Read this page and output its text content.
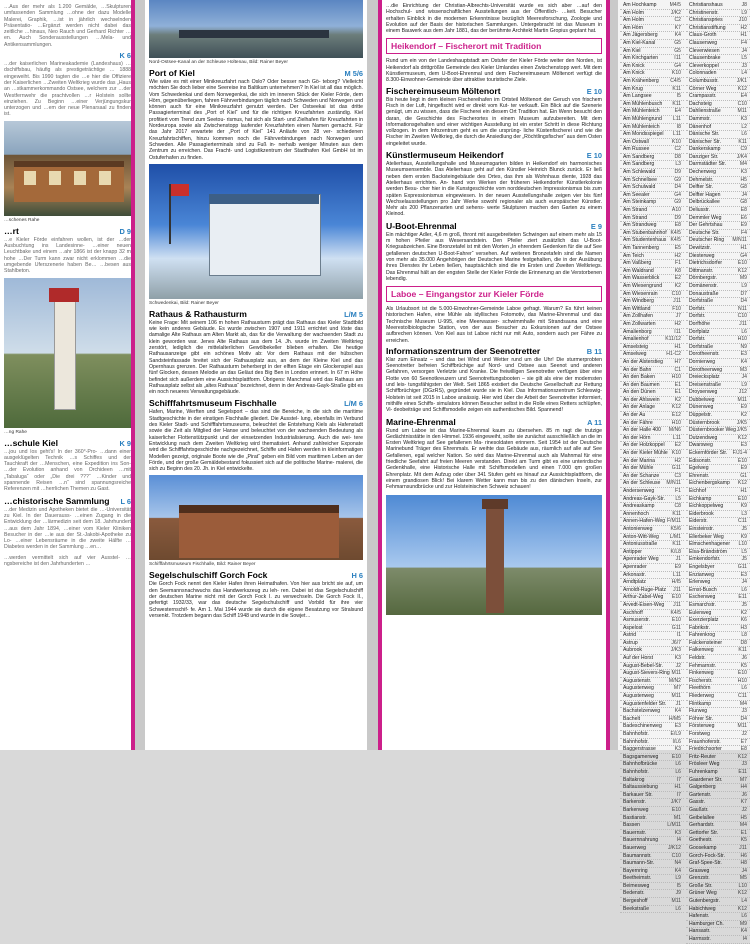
…Aus der mehr als 1.200 Gemälde, …Skulpturen umfassenden Sammlung …ohne der dazu Modelle Malerei, Graphik, …ist in jährlich wechselnden Präsentatio- …Ergänzt werden nicht dabei das zeitliche …hinaus, Neo Rauch und Gerhard Richter …en. Auch Sonderausstellungen …Mela- und Antikensammlungen.

K 6

…der kaiserlichen Marineakademie (Landeshaus) …dschiffsbau, häufig als prestigeträchtige … 1888 eingeweiht. Bis 1990 tagten die …e hier die Offiziere der Kaiserlichen …Zweiten Weltkrieg wurde das „Haus an …stkammerkommando Ostsee, welchem zur …der Westfernwehr die prachtvollen …r Holstein sollte einziehen. Zu Beginn …einer Verjüngungskur unterzogen und …em der neue Plenarsaal zu finden ist.

…schenes Rahe
…rt	D 9

…e Kieler Förde einfahren wollen, ist der …der Ausbuchtung ins Landesinne- …einer neuen Leuchtbake und einem …ahr 1866 ist der knapp 32 m hohe …Der Turm kann zwar nicht erklommen …die umgebende Uferszenerie haben Be… …besen aus Stahlbeton.

…ng Rahe
…schule Kiel	K 9

…jou und los geht's! In der 360°-Pro- …dann einer ausgeklügelten Technik …s Schiffes und der Tauchkraft der …Menschen, eine Expedition ins Son- …der Evolution anhand von Orchideen …mit „Tabaluga“ oder „Die drei ???“ …Kinder und spannende Reisen …n“ sind spannungsreiche Referenzen mit …herrlichen Themen zu Gast.

…chistorische Sammlung L 6

…der Medizin und Apotheken bietet die …-Universität zu Kiel. In der Dauerauss- …einen Zugang in die Entwicklung der …lärmedizin seit dem 18. Jahrhundert …aus dem Jahr 1894, …einer vom Kieler Kliniken Besucher in der …ie aus der St.-Jakobi-Apotheke zu Lo- …einer Lebensräume in die zweite Hälfte …Diabetes werden in der Sammlung …en…

…werden vermittelt sich auf vier Ausstel- …ngsbereiche ist den Jahrhunderten …

Nord-Ostsee-Kanal an der Schleuse Holtenau, Bild: Rainer Beyer
Port of Kiel	M 5/6

Wie wäre es mit einer Minikreuzfahrt nach Oslo? Oder besser nach Gö- teborg? Vielleicht möchten Sie doch lieber eine Seereise ins Baltikum unternehmen? In Kiel ist all das möglich. Vom Schwedenkai und dem Norwegenkai, die sich im inneren Stück der Kieler Förde, dem Hörn, gegenüberliegen, fahren Fährverbindungen täglich nach Schweden und Norwegen und können auch für eine Minikreuzfahrt genutzt werden. Der Ostseekai ist das dritte Passagierterminal des „Port of Kiel“ und für die richtigen Kreuzfahrten zuständig. Kiel profitiert vom Trend zum Seetou- rismus, hat sich als Start- und Zielhafen für Kreuzfahrten in Nordeuropa sowie als Zwischenstopp laufender Kreuzfahrten einen Namen gemacht. Für das Jahr 2017 erwartete der „Port of Kiel“ 141 Anläufe von 28 ver- schiedenen Kreuzfahrtschiffen, hinzu kommen noch die Fährverbindungen nach Norwegen und Schweden. Alle Passagierterminals sind zu Fuß in- nerhalb weniger Minuten aus dem Zentrum zu erreichen. Das Fracht- und Logistikzentrum der Stadthafen Kiel GmbH ist im Ostuferhafen zu finden.

Schwedenkai, Bild: Rainer Beyer
Rathaus & Rathausturm	L/M 5

Keine Frage: Mit seinem 106 m hohen Rathausturm prägt das Rathaus das Kieler Stadtbild wie kein anderes Gebäude. Es wurde zwischen 1907 und 1911 errichtet und löste das damalige Alte Rathaus am Alten Markt ab, das für die Verwaltung der wachsenden Stadt zu klein geworden war. Jenes Alte Rathaus aus dem 14. Jh. wurde im Zweiten Weltkrieg zerstört, lediglich die mittelalterlichen Gewölbekeller blieben erhalten. Die heutige Rathausanzeige gibt ein schönes Motiv ab: Vor dem Rathaus mit der hübschen Sandsteinfassade breitet sich der Rathausplatz aus, an dem der Kleine Kiel und das Opernhaus grenzen. Der Rathausturm beherbergt in der elften Etage ein Glockenspiel aus fünf Glocken, dessen Melodie an das Geläut des Big Ben in London erinnert. In 67 m Höhe befindet sich außerdem eine Aussichtsplattform. Übrigens: Manchmal wird das Rathaus am Rathausplatz selbst als „altes Rathaus“ bezeichnet, denn in der Andreas-Gayk-Straße gibt es ein noch neueres Verwaltungsgebäude.

Schifffahrtsmuseum Fischhalle	L/M 6

Hafen, Marine, Werften und Segelsport – das sind die Bereiche, in die sich die maritime Stadtgeschichte in der einstigen Fischhalle gliedert. Die Ausstel- lung, ebenfalls im Verbund des Kieler Stadt- und Schifffahrtsmuseums, beleuchtet die Entstehung Kiels als Hafenstadt sowie die Zeit als Mitglied der Hanse und beleuchtet von der wachsenden Bedeutung als kaiserlicher Flottenstützpunkt und der einsetzenden Industrialisierung. Auch die wei- tere Entwicklung nach dem Zweiten Weltkrieg wird thematisiert. Anhand zahlreicher Exponate wird die Schifffahrtsgeschichte nachgezeichnet, Schiffe und Hafen werden in kleinformatigen Modellen gezeigt, originale Boote wie die „Pirat“ geben ein Bild vom maritimen Leben an der Förde, und der große Gemäldebestand fokussiert sich auf die politische Marine- malerei, die sich zu Beginn des 20. Jh. in Kiel entwickelte.

Schifffahrtsmuseum Fischhalle, Bild: Rainer Beyer
Segelschulschiff Gorch Fock	H 6

Die Gorch Fock nennt den Kieler Hafen ihren Heimathafen. Von hier aus bricht sie auf, um den Seemannsnachwuchs das Handwerkszeug zu leh- ren. Dabei ist das Segelschulschiff der deutschen Marine nicht mit der Gorch Fock I. zu verwechseln. Die Gorch Fock II., gefertigt 1932/33, war das deutsche Segelschulschiff und Vorbild für ihre vier Schwesternschif- fe. Am 1. Mai 1944 wurde sie durch die eigene Besatzung vor Stralsund versenkt. Trotzdem begann das Schiff 1948 und wurde in die Sowjet…

…die Einrichtung der Christian-Albrechts-Universität wurde es sich aber …auf den Hochschul- und wissenschaftlichen Ausstellungen aus der Öffentlich- …keit. Besucher erhalten Einblick in die modernen Erkenntnisse bezüglich Meeresforschung, Zoologie und Evolution auf der Basis der historischen Sammlungen. Untergebracht ist das Museum in einem Bauwerk aus dem Jahr 1881, das der berühmte Architekt Martin Gropius geplant hat.

Heikendorf – Fischerort mit Tradition

Rund um ein von der Landeshauptstadt am Ostufer der Kieler Förde weiter den Norden, ist Heikendorf als drittgrößte Gemeinde des Kieler Umlandes einen Zwischenstopp wert. Mit dem Künstlermuseum, dem U-Boot-Ehrenmal und dem Fischereimuseum Möltenort verfügt die 8.300-Einwohner-Gemeinde über attraktive touristische Ziele.

Fischereimuseum Möltenort	E 10

Bis heute liegt in dem kleinen Fischereihafen im Ortsteil Möltenort der Geruch von frischem Fisch in der Luft, hingefischt wird er direkt vom Kut- ter verkauft. Ein Blick auf die Szenerie genügt, um zu wissen, dass die Fischerei ein diesem Ort Tradition hat. Ein Wenn besucht den daran, die Geschichte des Fischerortes in einem Museum aufzubereiten. Mit dem Informationsgehalten und einer wichtigen Ausstellung ist ein erster Schritt in diese Richtung vollzogen. In dem Infozentrum geht es um die ursprüng- liche Küstenfischerei und wie die Fischer im Zweiten Weltkrieg, die durch die Ansiedlung der „Röchtlingsfischer“ aus dem Osten eingeleitet wurde.

Künstlermuseum Heikendorf	E 10

Atelierhaus, Ausstellungshalle und Museumsgarten bilden in Heikendorf ein harmonisches Museumsensemble. Das Atelierhaus geht auf den Künstler Heinrich Blunck zurück. Er ließ neben dem ersten Backsteingebäude des Ortes, das ihm als Wohnhaus diente, 1928 das Atelierhaus errichten. An- hand von Werken der früheren Heikendorfer Künstlerkolonie werden Besu- cher hier in die Kunstgeschichte vom norddeutschen Impressionismus bis zum späten Expressionismus eingewiesen. In der neuen Ausstellungshalle zeigen vier bis fünf Wechselausstellungen pro Jahr Werke sowohl regionaler als auch europäischer Künstler. Mehr als 200 Pflanzenarten und sehens- werte Skulpturen machen den Garten zu einem Kleinod.

U-Boot-Ehrenmal	E 9

Ein mächtiger Adler, 4,6 m groß, thront mit ausgebreiteten Schwingen auf einem mehr als 15 m hohen Pfeiler aus Wesersandstein. Den Pfeiler ziert zusätzlich das U-Boot-Kriegsabzeichen. Eine Bronzetafel ist mit den Worten „In ehrendem Gedenken für die auf See gefallenen deutschen U-Boot-Fahrer“ versehen. Auf weiteren Bronzetafeln sind die Namen von mehr als 35.000 Angehörigen der Deutschen Marine festgehalten, die in der Ausübung ihres Dienstes ihr Leben ließen, hauptsächlich sind die im Ersten und Zweiten Weltkriegs. Das Ehrenmal hält an der engsten Stelle der Kieler Förde die Erinnerung an die Verstorbenen lebendig.

Laboe – Eingangstor zur Kieler Förde

Als Urlaubsort ist die 5.000-Einwohner-Gemeinde Laboe gefragt. Warum? Es führt keinen historischen Hafen, eine Mühle als idyllisches Fotomotiv, das Marine-Ehrenmal und das Technische Museum U-995, eine Meerwasser- schwimmhalle mit Strandsauna und eine Meerestolbiologische Station, von der aus Besucher zu Exkursionen auf der Ostsee aufbrechen können. Von Kiel aus ist Laboe nicht nur mit Auto, sondern auch per Fähre zu erreichen.

Informationszentrum der Seenotretter	B 11

Klar zum Einsatz – und das bei Wind und Wetter rund um die Uhr! Die sturmerprobten Seenotretter befreien Schiffbrüchige auf Nord- und Ostsee aus Seenot und anderen Gefahren, versorgen Verletzte und Kranke. Die freiwilligen Seenotretter verfügen über eine Flotte von 60 Seenotkreuzern und Seenotrettungsbooten – sie gilt als eine der modernsten und leis- tungsfähigsten der Welt. Seit 1865 existiert die Deutsche Gesellschaft zur Rettung Schiffbrüchiger (DGzRS), gegründet wurde sie in Kiel. Das Informationszentrum Schleswig-Holstein ist seit 2015 in Laboe ansässig. Hier wird über die Arbeit der Seenotretter informiert, mithilfe eines Schiffs- simulators können Besucher selbst in die Rolle eines Retters schlüpfen, Vi- deobeiträge und Schiffsmodelle zeigen ein authentisches Bild. Spannend!

Marine-Ehrenmal	A 11

Rund um Laboe ist das Marine-Ehrenmal kaum zu übersehen. 85 m ragt die trutzige Gedächtnisstätte in den Himmel. 1936 eingeweiht, sollte sie zunächst ausschließlich an die im Ersten Weltkrieg auf See gefallenen Ma- rinesoldaten erinnern. Seit 1954 ist der Deutsche Marinebund Träger des Ehrenmals. Er weihte das Gebäude aus, räumlich auf alle auf See Gefallenen, egal welcher Nation. So wird das Marine-Ehrenmal auch als Mahnmal für eine friedliche Seefahrt auf freien Meeren verstanden. Direkt am Turm gibt es eine unterirdische Gedenkhalle, eine Historische Halle mit Schiffsmodellen und einen 7.000 qm großen Ehrenplatz. Mit dem Aufzug oder über 341 Stufen geht es hinauf zur Aussichtsplattform, die einem grandiosen Blick! Bei klarem Wetter kann man bis zu den dänischen Inseln, zur Fehmarnsundbrücke und zur Holsteinischen Schweiz schauen!

Am Hochkamp	M4/5
Am Holm	J/K2
Am Holm	C2
Am Hörn	K7
Am Jägersberg	K4
Am Kiel-Kanal	G5
Am Kiel	G5
Am Kirchgarten	I11
Am Knick	G4
Am Knick	K10
Am Krähenberg C4/5
Am Krug	K11
Am Langsee	I5
Am Mühlenbusch K11
Am Mühlenteich	E4
Am Mühlengrund L11
Am Mühlenteich	I8
Am Mondsspiegel L11
Am Ostwall	K10
Am Russee	C2
Am Sandberg	D8
Am Sandberg	L3
Am Schlewald	D9
Am Schnellsee	G9
Am Schulwald	D4
Am Seealer	G4
Am Steinkamp	G9
Am Strand	A10
Am Strand	D9
Am Strandweg	E8
Am Stubenbahnhof K4/5
Am Studentenhaus K4/5
Am Tannenberg	E5
Am Teich	H2
Am Vaßberg	F1
Am Waldrand	K8
Am Wasserblick	E2
Am Wiesengrund K2
Am Wiesenrain	C10
Am Windberg	J11
Am Wittland	F10
Am Zollhafen	J7
Am Zollwarten	H2
Amalienborg	I11
Amalienhof	K11/12
Amselsteig	H1
Amselweg	H1-C2
An der Alsterstieg H7
An der Bahn	C1
An den Baken	H10
An den Baumen	E1
An den Dünen	E1
An der Ahlswein	K2
An der Anlage	K12
An der Au	E12
An der Fähre	H10
An der Halle 400 M/N6
An der Hörn	L11
An der Holzkoppel E2
An der Kieler Mühle K10
An der Marina	H2
An der Mühle	G11
An der Schanze	C3
An der Schleuse M/N11
Andersenweg	F1
Andreas-Gayk-Str. L5
Andreaskamp	C8
Annenhoch	K11
Annen-Hafen-Weg F/M11
Antonienweg	K5/6
Anton-Witt-Weg L/M1
Antoniusstraße	K11
Antipper	K/L8
Apenrader Weg	J1
Apenrader	E9
Arkonastr.	L11
Arndtplatz	H/I5
Arnoldt-Ruge-Platz J11
Arthur-Zabel-Weg E10
Arvedt-Eisen-Weg J11
Aschhoff	K4/5
Asmuserstr.	E10
Aspelost	G11
Astrid	I1
Astrup	J6/7
Aubrook	J/K3
Auf der Horst	K3
August-Bebel-Str. J2
August-Sievers-Ring M11
Augustenstr.	M/N2
Augustenweg	M7
Augustenweg	M11
Augustenfelder Str. J1
Bachstelzenweg	K4
Bachelt	H/M5
Badeschinenweg	E3
Bahnhofstr.	E/L9
Bahnhofstr.	I/L6
Baggerstrasse	K3
Bagsgamerweg	E10
Bahnhofbrücke	L6
Bahnhofstr.	L6
Baltakrog	I7
Baltaussiebung	H1
Barkauer Str.	I7
Barkenstr.	J/K7
Barkenweg	E10
Bastianstr.	M1
Bassen	L/M11
Bauernstr.	K3
Bauernnahrung	I4
Bauerweg	J/K12
Baumannstr.	C10
Baumann-Str.	N4
Bayernring	K4
Beetheimstr.	L9
Beimesweg	I5
Bedenstr.	J9
Bergeshoff	M11
Beekstraße	L6
Christianshaus	J8
Christinenstr.	L9
Christianspries	J10
Christianstiftung	H2
Claus-Groth	H1
Clausenweg	F4
Cleverwiesen	J4
Clausenbrake	L5
Cleverkoppel	J3
Colonnaden	L4
Columbusstr.	J/K1
Cörner Weg	K12
Crampasstr.	E4
Dachsteig	C10
Dahlienstraße	M11
Dammstr.	K3
Dänenhof	L2
Dänische Str.	L6
Dänischer Str.	K11
Dankerskamp	C9
Danziger Str.	J/K4
Darmstädter Str.	M4
Dechenweg	K3
Dehmelstr.	H5
Delfter Str.	G8
Delfter Hagen	J4
Delbrückallee	G8
Deliusstr.	E8
Demmler Weg	E6
Der Gehrtshau	E9
Deutsche Str.	F4
Deutscher Ring M/N11
Dewitzstr.	H1
Diesterweg	G4
Dietrichsdorfer	E10
Dittmanstr.	K12
Dörnbergstr.	M9
Domänenstr.	L9
Donaustraße	D7
Dorfstraße	D4
Dorfstr.	N11
Dorfstr.	C10
Dorfhöhe	J11
Dorfplatz	L6
Dorfstr.	H10
Dorfstraße	N9
Dorotheenstr.	E3
Dornierweg	K4
Dorotheenweg	M3
Dreiecksplatz	J4
Dreisenstraße	L9
Droysenweg	J12
Dubbelweg	M11
Dünenweg	E9
Düppelstr.	K2
Düsternbrook	J/K5
Düsternbrooker Weg J/K5
Dutzendweg	K12
Dwarsweg	E3
Eckernförder Str. F/J1-4
Edisonstr.	E10
Egelweg	E9
Ehrenstr.	G1
Eichenbergskamp K12
Eichhof	H1
Eichkamp	E10
Eichkoppelweg	K9
Eiderbrook	L3
Eiderstr.	C11
Einsteinstr.	J5
Ellerbeker Weg	K9
Elmschenhagener L10
Elsa-Brändström	L5
Emkendorfstr.	J5
Engelsbyer	G11
Enzianweg	E3
Erlenweg	J4
Ernst-Busch	L6
Eschenweg	E11
Esmarchstr.	J5
Eulenweg	K2
Exerzierplatz	K6
Fabrikstr.	H3
Fahrenkrog	L8
Falckensteiner	D8
Falkenweg	K11
Feldstr.	J6
Fehmarnstr.	K5
Finkenweg	E10
Fischerstr.	H10
Fleethörn	L6
Fliederweg	C11
Flintkamp	M4
Flurweg	J3
Föhrer Str.	D4
Försterweg	M11
Forstweg	J2
Fraunhoferstr.	E7
Friedrichsorter	E8
Fritz-Reuter	K12
Frösleer Weg	J3
Fuhrenkamp	E11
Gaardener Str.	M7
Galgenberg	H4
Gartenstr.	J6
Gasstr.	K7
Gaußstr.	J2
Geibelallee	H5
Gerhardstr.	M4
Gettorfer Str.	E1
Goethestr.	K5
Goosekamp	J11
Gorch-Fock-Str.	H6
Graf-Spee-Str.	H8
Grasweg	J4
Grenzstr.	M5
Große Str.	L10
Grüner Weg	K12
Gutenbergstr.	L4
Habichtweg	K12
Hafenstr.	L6
Hamburger Ch.	M9
Hansastr.	K4
Harmsstr.	I4
